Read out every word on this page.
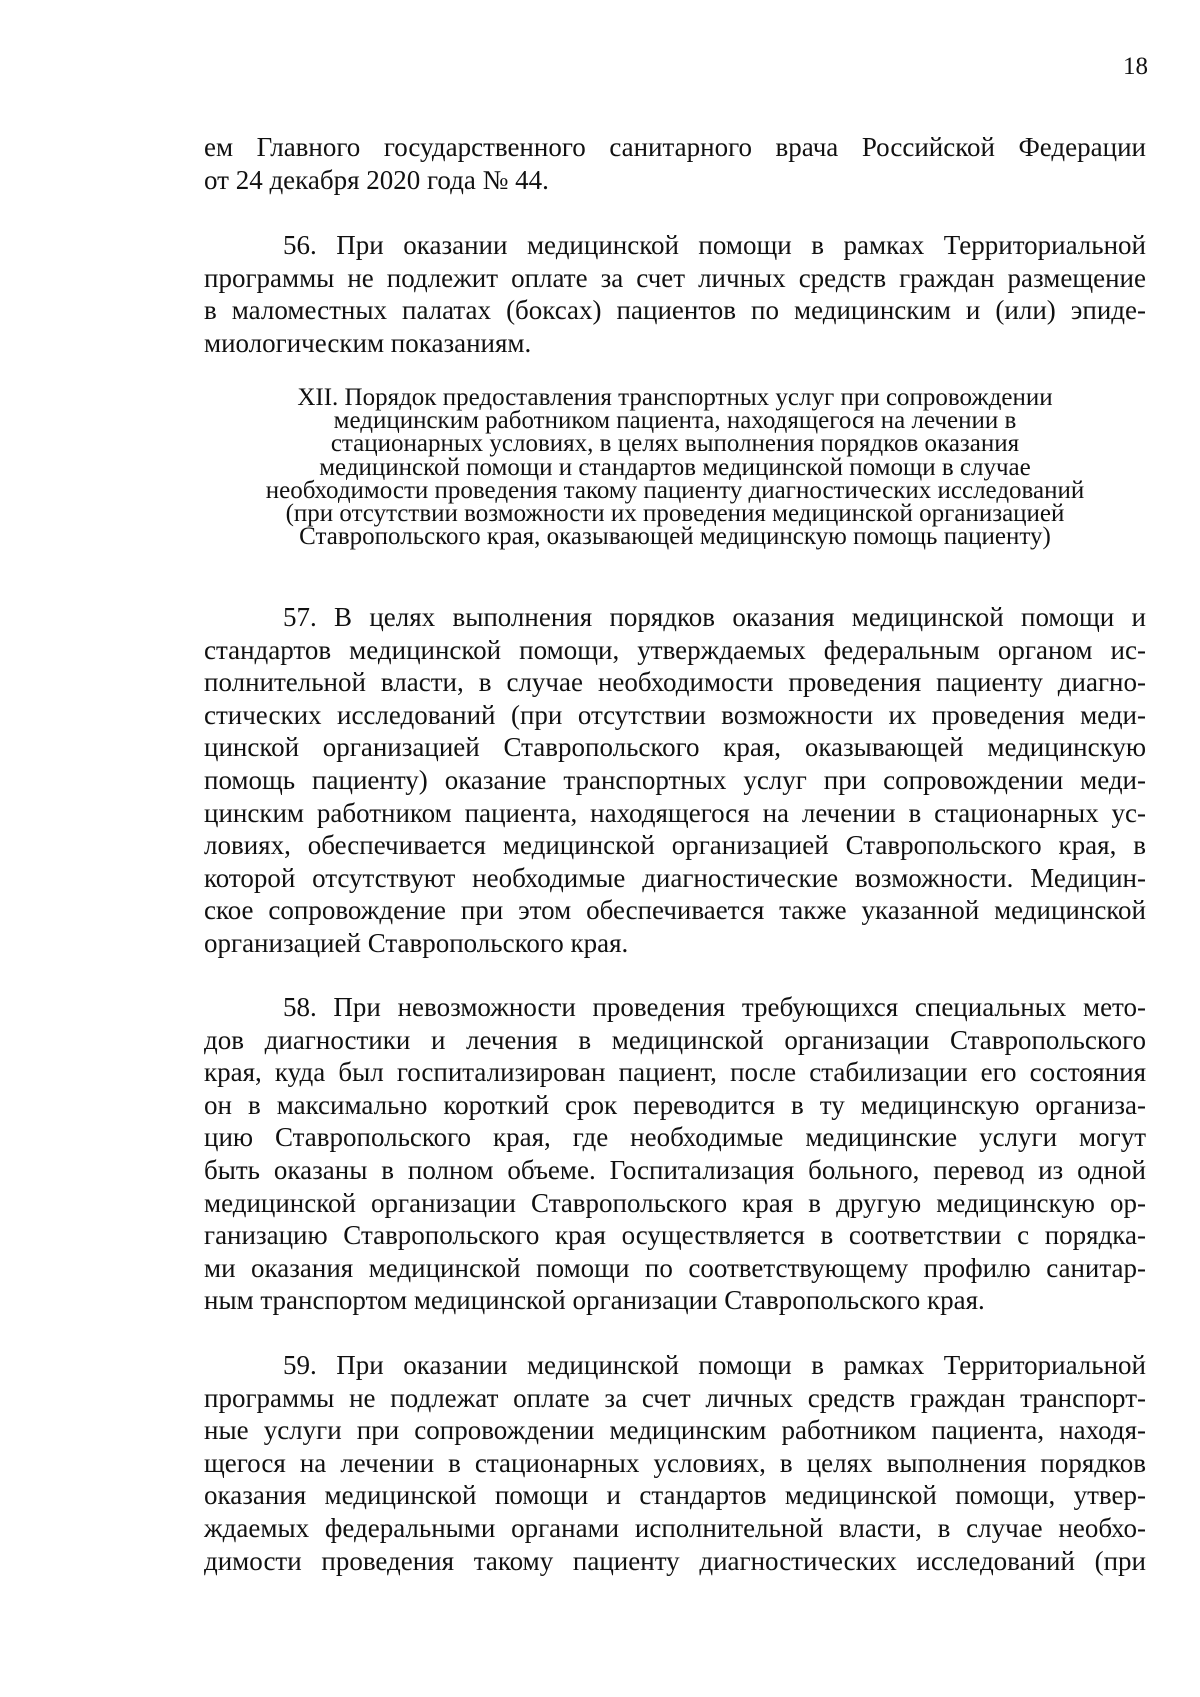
18
ем Главного государственного санитарного врача Российской Федерации
от 24 декабря 2020 года № 44.
56. При оказании медицинской помощи в рамках Территориальной
программы не подлежит оплате за счет личных средств граждан размещение
в маломестных палатах (боксах) пациентов по медицинским и (или) эпиде-
миологическим показаниям.
XII. Порядок предоставления транспортных услуг при сопровождении
медицинским работником пациента, находящегося на лечении в
стационарных условиях, в целях выполнения порядков оказания
медицинской помощи и стандартов медицинской помощи в случае
необходимости проведения такому пациенту диагностических исследований
(при отсутствии возможности их проведения медицинской организацией
Ставропольского края, оказывающей медицинскую помощь пациенту)
57. В целях выполнения порядков оказания медицинской помощи и
стандартов медицинской помощи, утверждаемых федеральным органом ис-
полнительной власти, в случае необходимости проведения пациенту диагно-
стических исследований (при отсутствии возможности их проведения меди-
цинской организацией Ставропольского края, оказывающей медицинскую
помощь пациенту) оказание транспортных услуг при сопровождении меди-
цинским работником пациента, находящегося на лечении в стационарных ус-
ловиях, обеспечивается медицинской организацией Ставропольского края, в
которой отсутствуют необходимые диагностические возможности. Медицин-
ское сопровождение при этом обеспечивается также указанной медицинской
организацией Ставропольского края.
58. При невозможности проведения требующихся специальных мето-
дов диагностики и лечения в медицинской организации Ставропольского
края, куда был госпитализирован пациент, после стабилизации его состояния
он в максимально короткий срок переводится в ту медицинскую организа-
цию Ставропольского края, где необходимые медицинские услуги могут
быть оказаны в полном объеме. Госпитализация больного, перевод из одной
медицинской организации Ставропольского края в другую медицинскую ор-
ганизацию Ставропольского края осуществляется в соответствии с порядка-
ми оказания медицинской помощи по соответствующему профилю санитар-
ным транспортом медицинской организации Ставропольского края.
59. При оказании медицинской помощи в рамках Территориальной
программы не подлежат оплате за счет личных средств граждан транспорт-
ные услуги при сопровождении медицинским работником пациента, находя-
щегося на лечении в стационарных условиях, в целях выполнения порядков
оказания медицинской помощи и стандартов медицинской помощи, утвер-
ждаемых федеральными органами исполнительной власти, в случае необхо-
димости проведения такому пациенту диагностических исследований (при
